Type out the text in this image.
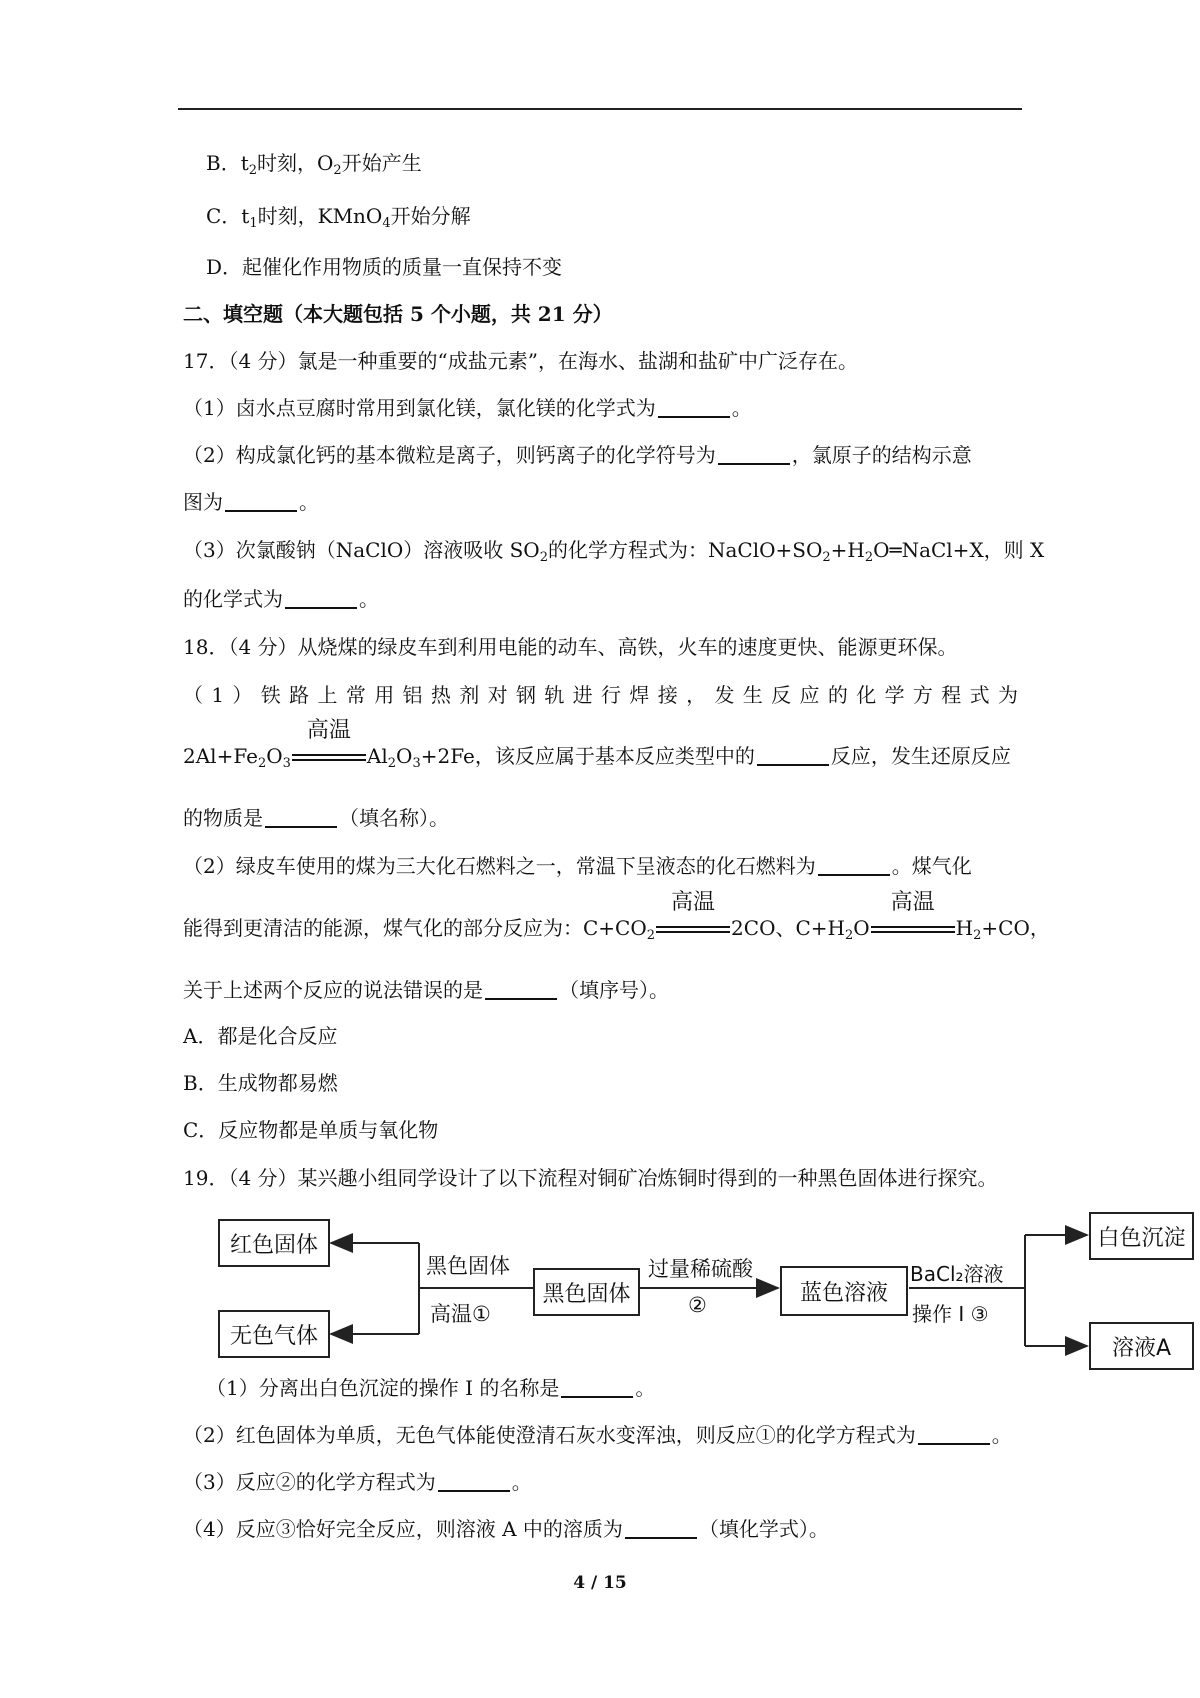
B．$t_2$时刻，$O_2$开始产生
C．$t_1$时刻，KMnO$_4$开始分解
D．起催化作用物质的质量一直保持不变
二、填空题（本大题包括 5 个小题，共 21 分）
17．（4 分）氯是一种重要的“成盐元素”，在海水、盐湖和盐矿中广泛存在。
（1）卤水点豆腐时常用到氯化镁，氯化镁的化学式为	。
（2）构成氯化钙的基本微粒是离子，则钙离子的化学符号为	，氯原子的结构示意
图为	。
（3）次氯酸钠（NaClO）溶液吸收 $SO_2$的化学方程式为：$NaClO+SO_2+H_2O═NaCl+X$，则 X
的化学式为	。
18．（4 分）从烧煤的绿皮车到利用电能的动车、高铁，火车的速度更快、能源更环保。
（1）铁路上常用铝热剂对钢轨进行焊接，发生反应的化学方程式为
$2Al+Fe_2O_3$
高温
$Al_2O_3+2Fe$，该反应属于基本反应类型中的	反应，发生还原反应
的物质是	（填名称）。
（2）绿皮车使用的煤为三大化石燃料之一，常温下呈液态的化石燃料为	。煤气化
能得到更清洁的能源，煤气化的部分反应为：$C+CO_2$
高温
2CO、$C+H_2O$
高温
$H_2+CO$，
关于上述两个反应的说法错误的是	（填序号）。
A．都是化合反应
B．生成物都易燃
C．反应物都是单质与氧化物
19．（4 分）某兴趣小组同学设计了以下流程对铜矿冶炼铜时得到的一种黑色固体进行探究。
红色固体
无色气体
黑色固体
高温①
黑色固体
过量稀硫酸
②	蓝色溶液
BaCl₂溶液
操作 I ③
白色沉淀
溶液A
（1）分离出白色沉淀的操作 I 的名称是	。
（2）红色固体为单质，无色气体能使澄清石灰水变浑浊，则反应①的化学方程式为	。
（3）反应②的化学方程式为	。
（4）反应③恰好完全反应，则溶液 A 中的溶质为	（填化学式）。
4 / 15
